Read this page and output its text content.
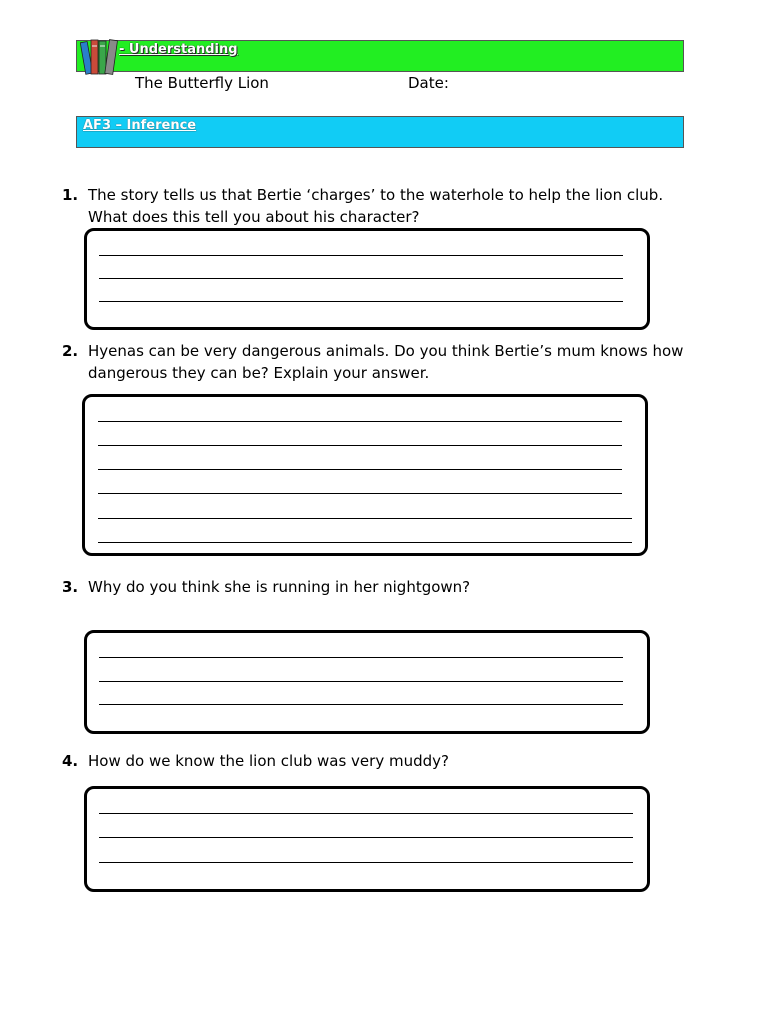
- Understanding
The Butterfly Lion	Date:
AF3 – Inference
1. The story tells us that Bertie ‘charges’ to the waterhole to help the lion club.
What does this tell you about his character?
2. Hyenas can be very dangerous animals. Do you think Bertie’s mum knows how
dangerous they can be? Explain your answer.
3. Why do you think she is running in her nightgown?
4. How do we know the lion club was very muddy?
